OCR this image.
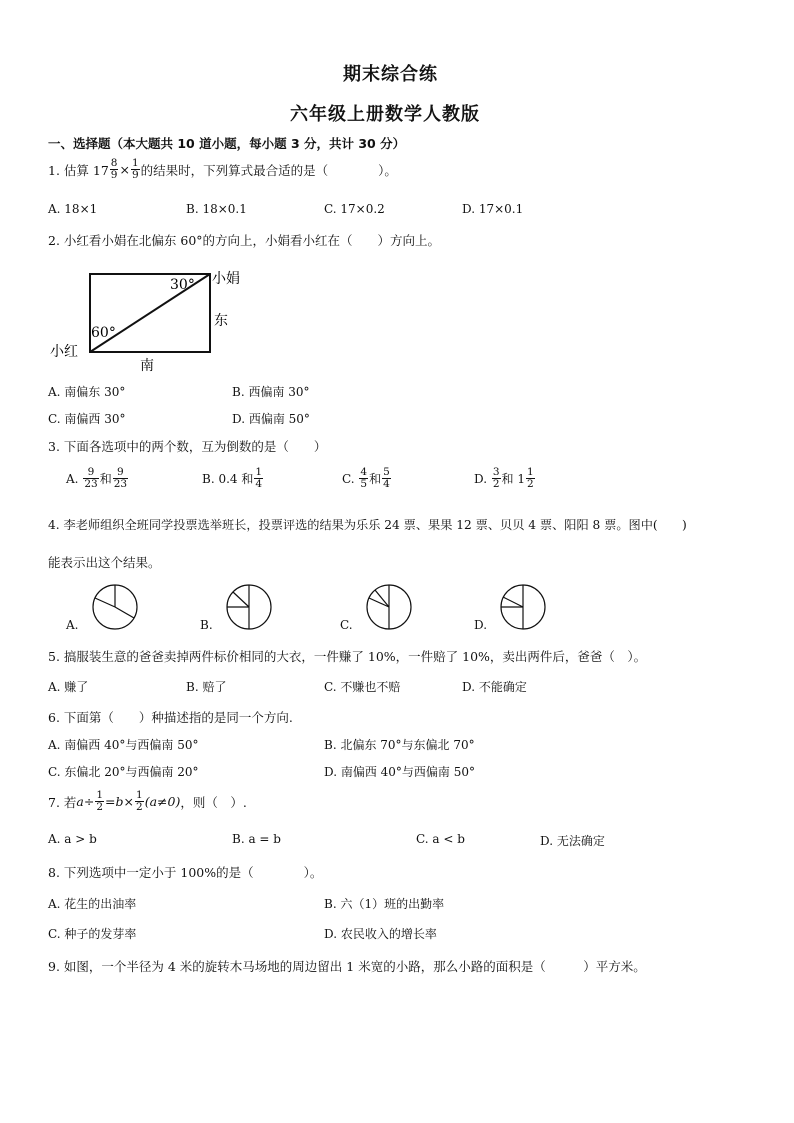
期末综合练
六年级上册数学人教版
一、选择题（本大题共 10 道小题，每小题 3 分，共计 30 分）
1. 估算 $17 \frac{8}{9} \times \frac{1}{9}$ 的结果时，下列算式最合适的是（　　　　）。
A. 18×1	B. 18×0.1	C. 17×0.2	D. 17×0.1
2. 小红看小娟在北偏东 60°的方向上，小娟看小红在（　　）方向上。
30°
60°
小娟
小红
东
南
A. 南偏东 30°	B. 西偏南 30°
C. 南偏西 30°	D. 西偏南 50°
3. 下面各选项中的两个数，互为倒数的是（　　）
A.
$\frac{9}{23}$ 和 $\frac{9}{23}$	B. 0.4 和 $\frac{1}{4}$	C.
$\frac{4}{5}$ 和 $\frac{5}{4}$	D.
$\frac{3}{2}$ 和 $1 \frac{1}{2}$
4. 李老师组织全班同学投票选举班长，投票评选的结果为乐乐 24 票、果果 12 票、贝贝 4 票、阳阳 8 票。图中(　　)
能表示出这个结果。
A.	B.	C.	D.
5. 搞服装生意的爸爸卖掉两件标价相同的大衣，一件赚了 10%，一件赔了 10%，卖出两件后，爸爸（　）。
A. 赚了	B. 赔了	C. 不赚也不赔	D. 不能确定
6. 下面第（　　）种描述指的是同一个方向.
A. 南偏西 40°与西偏南 50°	B. 北偏东 70°与东偏北 70°
C. 东偏北 20°与西偏南 20°	D. 南偏西 40°与西偏南 50°
7. 若 $a \div \frac{1}{2} = b \times \frac{1}{2} (a\ne 0)$ ，则（　）.
A. a > b	B. a = b	C. a < b	D. 无法确定
8. 下列选项中一定小于 100%的是（　　　　）。
A. 花生的出油率	B. 六（1）班的出勤率
C. 种子的发芽率	D. 农民收入的增长率
9. 如图，一个半径为 4 米的旋转木马场地的周边留出 1 米宽的小路，那么小路的面积是（　　　）平方米。
